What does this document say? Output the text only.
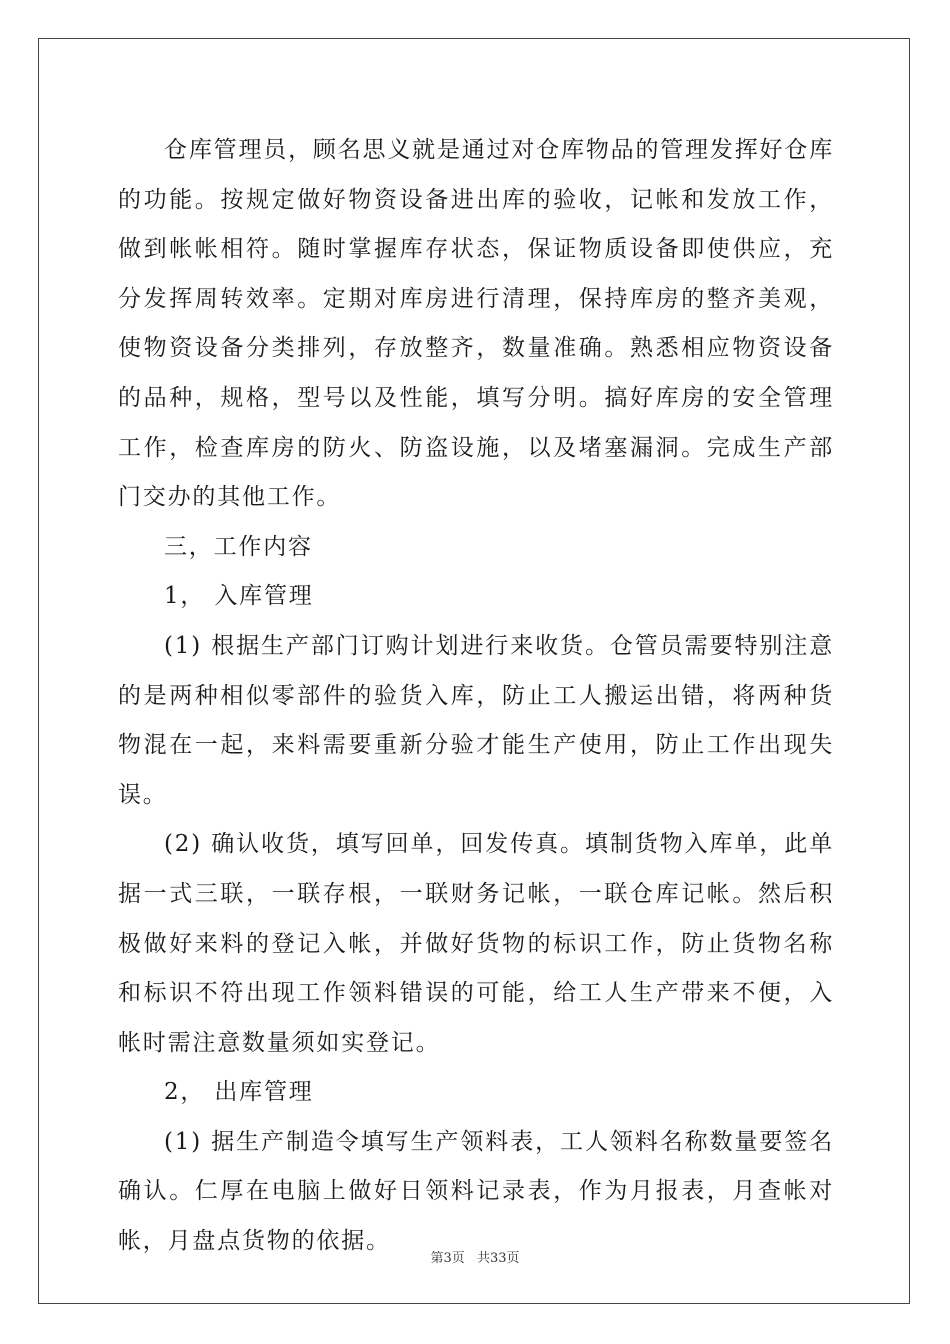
仓库管理员，顾名思义就是通过对仓库物品的管理发挥好仓库的功能。按规定做好物资设备进出库的验收，记帐和发放工作，做到帐帐相符。随时掌握库存状态，保证物质设备即使供应，充分发挥周转效率。定期对库房进行清理，保持库房的整齐美观，使物资设备分类排列，存放整齐，数量准确。熟悉相应物资设备的品种，规格，型号以及性能，填写分明。搞好库房的安全管理工作，检查库房的防火、防盗设施，以及堵塞漏洞。完成生产部门交办的其他工作。

三，工作内容

1， 入库管理

(1) 根据生产部门订购计划进行来收货。仓管员需要特别注意的是两种相似零部件的验货入库，防止工人搬运出错，将两种货物混在一起，来料需要重新分验才能生产使用，防止工作出现失误。

(2) 确认收货，填写回单，回发传真。填制货物入库单，此单据一式三联，一联存根，一联财务记帐，一联仓库记帐。然后积极做好来料的登记入帐，并做好货物的标识工作，防止货物名称和标识不符出现工作领料错误的可能，给工人生产带来不便，入帐时需注意数量须如实登记。

2， 出库管理

(1) 据生产制造令填写生产领料表，工人领料名称数量要签名确认。仁厚在电脑上做好日领料记录表，作为月报表，月查帐对帐，月盘点货物的依据。

第3页 共33页
